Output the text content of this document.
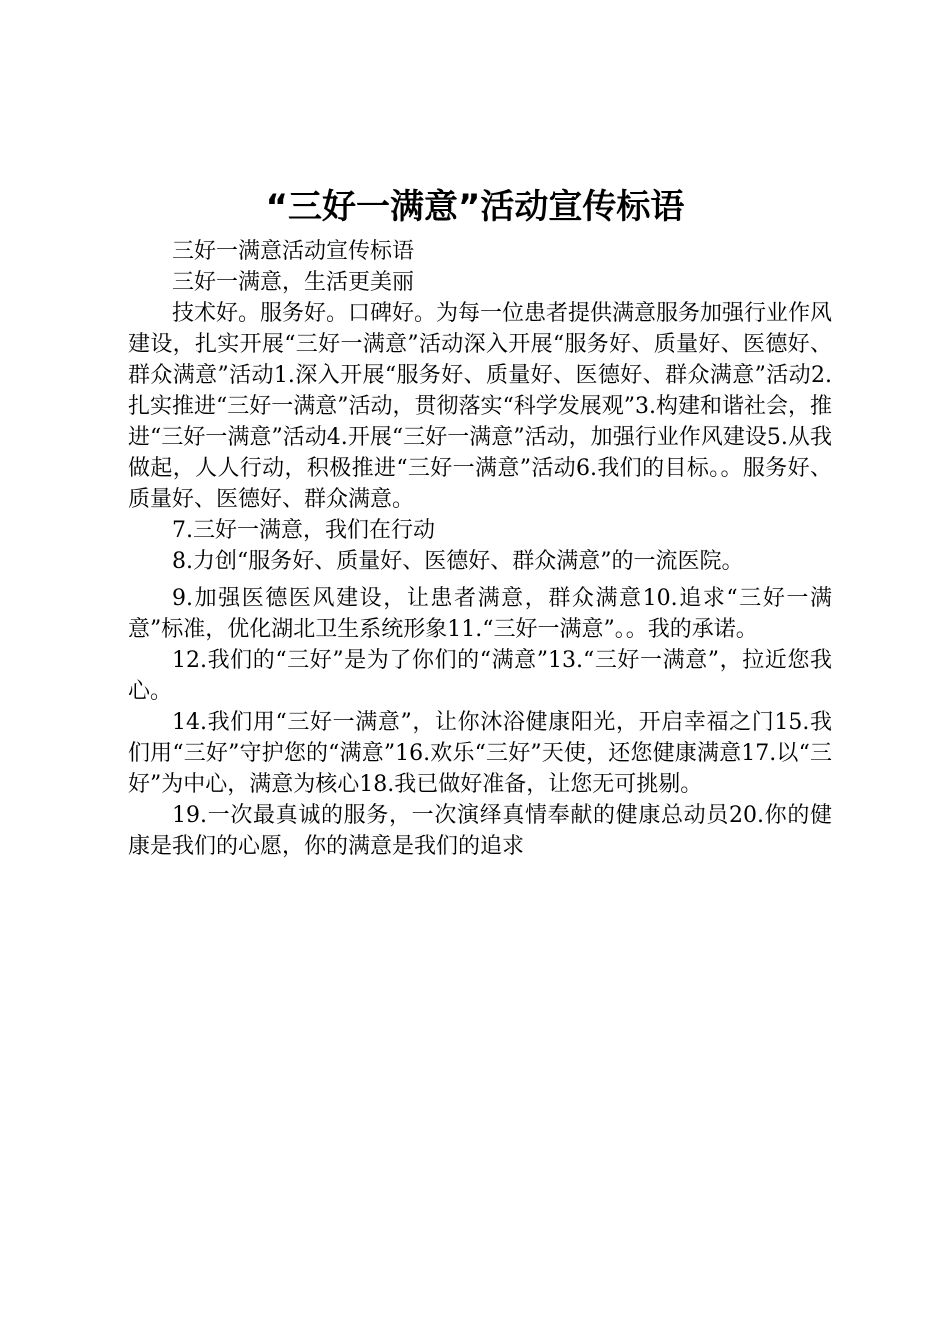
“三好一满意”活动宣传标语

三好一满意活动宣传标语

三好一满意，生活更美丽

技术好。服务好。口碑好。为每一位患者提供满意服务加强行业作风建设，扎实开展“三好一满意”活动深入开展“服务好、质量好、医德好、群众满意”活动1.深入开展“服务好、质量好、医德好、群众满意”活动2.扎实推进“三好一满意”活动，贯彻落实“科学发展观”3.构建和谐社会，推进“三好一满意”活动4.开展“三好一满意”活动，加强行业作风建设5.从我做起，人人行动，积极推进“三好一满意”活动6.我们的目标。。服务好、质量好、医德好、群众满意。

7.三好一满意，我们在行动

8.力创“服务好、质量好、医德好、群众满意”的一流医院。

9.加强医德医风建设，让患者满意，群众满意10.追求“三好一满意”标准，优化湖北卫生系统形象11.“三好一满意”。。我的承诺。

12.我们的“三好”是为了你们的“满意”13.“三好一满意”，拉近您我心。

14.我们用“三好一满意”，让你沐浴健康阳光，开启幸福之门15.我们用“三好”守护您的“满意”16.欢乐“三好”天使，还您健康满意17.以“三好”为中心，满意为核心18.我已做好准备，让您无可挑剔。

19.一次最真诚的服务，一次演绎真情奉献的健康总动员20.你的健康是我们的心愿，你的满意是我们的追求
